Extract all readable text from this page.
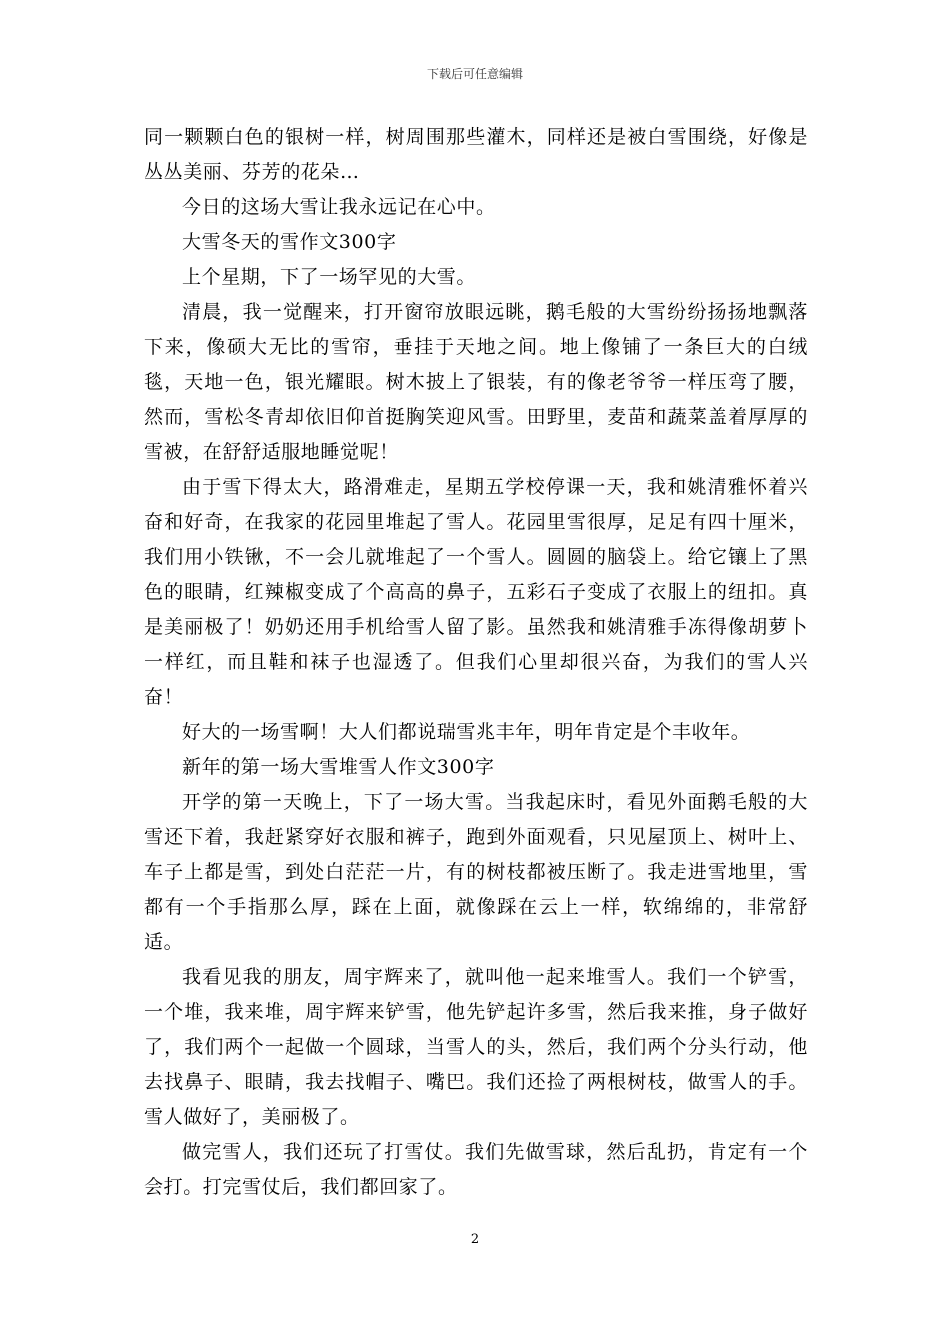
下载后可任意编辑

同一颗颗白色的银树一样，树周围那些灌木，同样还是被白雪围绕，好像是丛丛美丽、芬芳的花朵…

今日的这场大雪让我永远记在心中。

大雪冬天的雪作文300字

上个星期，下了一场罕见的大雪。

清晨，我一觉醒来，打开窗帘放眼远眺，鹅毛般的大雪纷纷扬扬地飘落下来，像硕大无比的雪帘，垂挂于天地之间。地上像铺了一条巨大的白绒毯，天地一色，银光耀眼。树木披上了银装，有的像老爷爷一样压弯了腰，然而，雪松冬青却依旧仰首挺胸笑迎风雪。田野里，麦苗和蔬菜盖着厚厚的雪被，在舒舒适服地睡觉呢！

由于雪下得太大，路滑难走，星期五学校停课一天，我和姚清雅怀着兴奋和好奇，在我家的花园里堆起了雪人。花园里雪很厚，足足有四十厘米，我们用小铁锹，不一会儿就堆起了一个雪人。圆圆的脑袋上。给它镶上了黑色的眼睛，红辣椒变成了个高高的鼻子，五彩石子变成了衣服上的纽扣。真是美丽极了！奶奶还用手机给雪人留了影。虽然我和姚清雅手冻得像胡萝卜一样红，而且鞋和袜子也湿透了。但我们心里却很兴奋，为我们的雪人兴奋！

好大的一场雪啊！大人们都说瑞雪兆丰年，明年肯定是个丰收年。

新年的第一场大雪堆雪人作文300字

开学的第一天晚上，下了一场大雪。当我起床时，看见外面鹅毛般的大雪还下着，我赶紧穿好衣服和裤子，跑到外面观看，只见屋顶上、树叶上、车子上都是雪，到处白茫茫一片，有的树枝都被压断了。我走进雪地里，雪都有一个手指那么厚，踩在上面，就像踩在云上一样，软绵绵的，非常舒适。

我看见我的朋友，周宇辉来了，就叫他一起来堆雪人。我们一个铲雪，一个堆，我来堆，周宇辉来铲雪，他先铲起许多雪，然后我来推，身子做好了，我们两个一起做一个圆球，当雪人的头，然后，我们两个分头行动，他去找鼻子、眼睛，我去找帽子、嘴巴。我们还捡了两根树枝，做雪人的手。雪人做好了，美丽极了。

做完雪人，我们还玩了打雪仗。我们先做雪球，然后乱扔，肯定有一个会打。打完雪仗后，我们都回家了。

2
